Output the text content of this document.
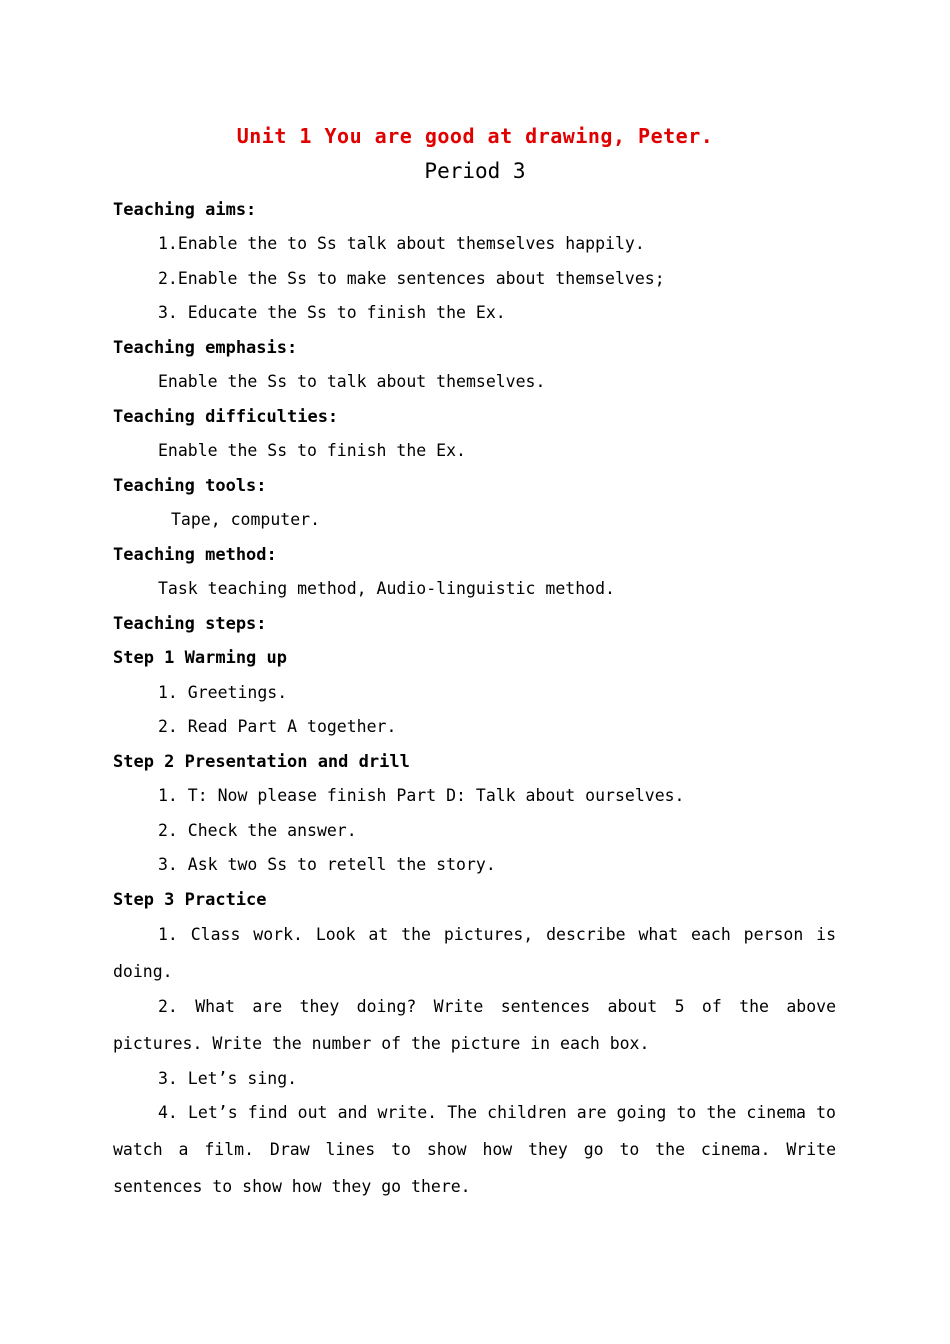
Unit 1 You are good at drawing, Peter.
Period 3
Teaching aims:
1.Enable the to Ss talk about themselves happily.
2.Enable the Ss to make sentences about themselves;
3. Educate the Ss to finish the Ex.
Teaching emphasis:
Enable the Ss to talk about themselves.
Teaching difficulties:
Enable the Ss to finish the Ex.
Teaching tools:
Tape, computer.
Teaching method:
Task teaching method, Audio-linguistic method.
Teaching steps:
Step 1 Warming up
1. Greetings.
2. Read Part A together.
Step 2 Presentation and drill
1. T: Now please finish Part D: Talk about ourselves.
2. Check the answer.
3. Ask two Ss to retell the story.
Step 3 Practice
1. Class work. Look at the pictures, describe what each person is doing.
2. What are they doing? Write sentences about 5 of the above pictures. Write the number of the picture in each box.
3. Let’s sing.
4. Let’s find out and write. The children are going to the cinema to watch a film. Draw lines to show how they go to the cinema. Write sentences to show how they go there.
